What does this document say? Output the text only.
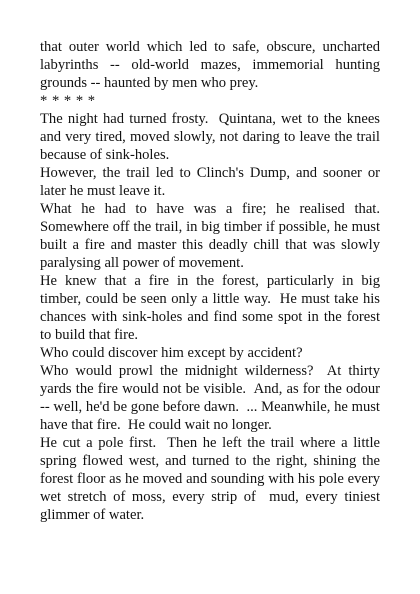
that outer world which led to safe, obscure, uncharted labyrinths -- old-world mazes, immemorial hunting grounds -- haunted by men who prey.

* * * * *

The night had turned frosty.  Quintana, wet to the knees and very tired, moved slowly, not daring to leave the trail because of sink-holes.

However, the trail led to Clinch's Dump, and sooner or later he must leave it.

What he had to have was a fire; he realised that. Somewhere off the trail, in big timber if possible, he must built a fire and master this deadly chill that was slowly paralysing all power of movement.

He knew that a fire in the forest, particularly in big timber, could be seen only a little way.  He must take his chances with sink-holes and find some spot in the forest to build that fire.

Who could discover him except by accident?

Who would prowl the midnight wilderness?  At thirty yards the fire would not be visible.  And, as for the odour -- well, he'd be gone before dawn.  ... Meanwhile, he must have that fire.  He could wait no longer.

He cut a pole first.  Then he left the trail where a little spring flowed west, and turned to the right, shining the forest floor as he moved and sounding with his pole every wet stretch of moss, every strip of  mud, every tiniest glimmer of water.
